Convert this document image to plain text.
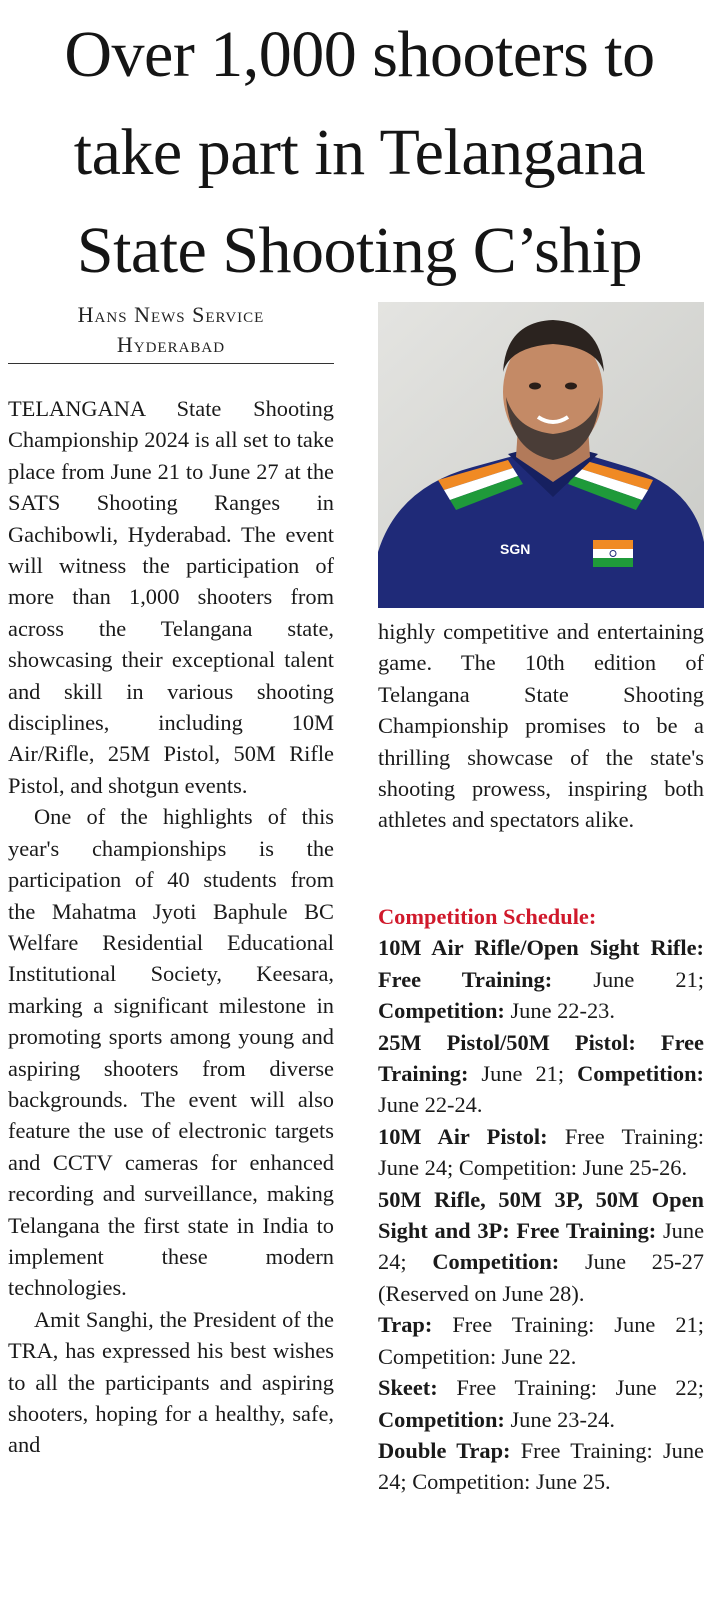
Over 1,000 shooters to
take part in Telangana
State Shooting C’ship
Hans News Service
Hyderabad

TELANGANA State Shooting Championship 2024 is all set to take place from June 21 to June 27 at the SATS Shooting Ranges in Gachibowli, Hyderabad. The event will witness the participation of more than 1,000 shooters from across the Telangana state, showcasing their exceptional talent and skill in various shooting disciplines, including 10M Air/Rifle, 25M Pistol, 50M Rifle Pistol, and shotgun events.

One of the highlights of this year's championships is the participation of 40 students from the Mahatma Jyoti Baphule BC Welfare Residential Educational Institutional Society, Keesara, marking a significant milestone in promoting sports among young and aspiring shooters from diverse backgrounds. The event will also feature the use of electronic targets and CCTV cameras for enhanced recording and surveillance, making Telangana the first state in India to implement these modern technologies.

Amit Sanghi, the President of the TRA, has expressed his best wishes to all the participants and aspiring shooters, hoping for a healthy, safe, and

SGN

highly competitive and entertaining game. The 10th edition of Telangana State Shooting Championship promises to be a thrilling showcase of the state's shooting prowess, inspiring both athletes and spectators alike.

Competition Schedule:
10M Air Rifle/Open Sight Rifle: Free Training: June 21; Competition: June 22-23.
25M Pistol/50M Pistol: Free Training: June 21; Competition: June 22-24.
10M Air Pistol: Free Training: June 24; Competition: June 25-26.
50M Rifle, 50M 3P, 50M Open Sight and 3P: Free Training: June 24; Competition: June 25-27 (Reserved on June 28).
Trap: Free Training: June 21; Competition: June 22.
Skeet: Free Training: June 22; Competition: June 23-24.
Double Trap: Free Training: June 24; Competition: June 25.
